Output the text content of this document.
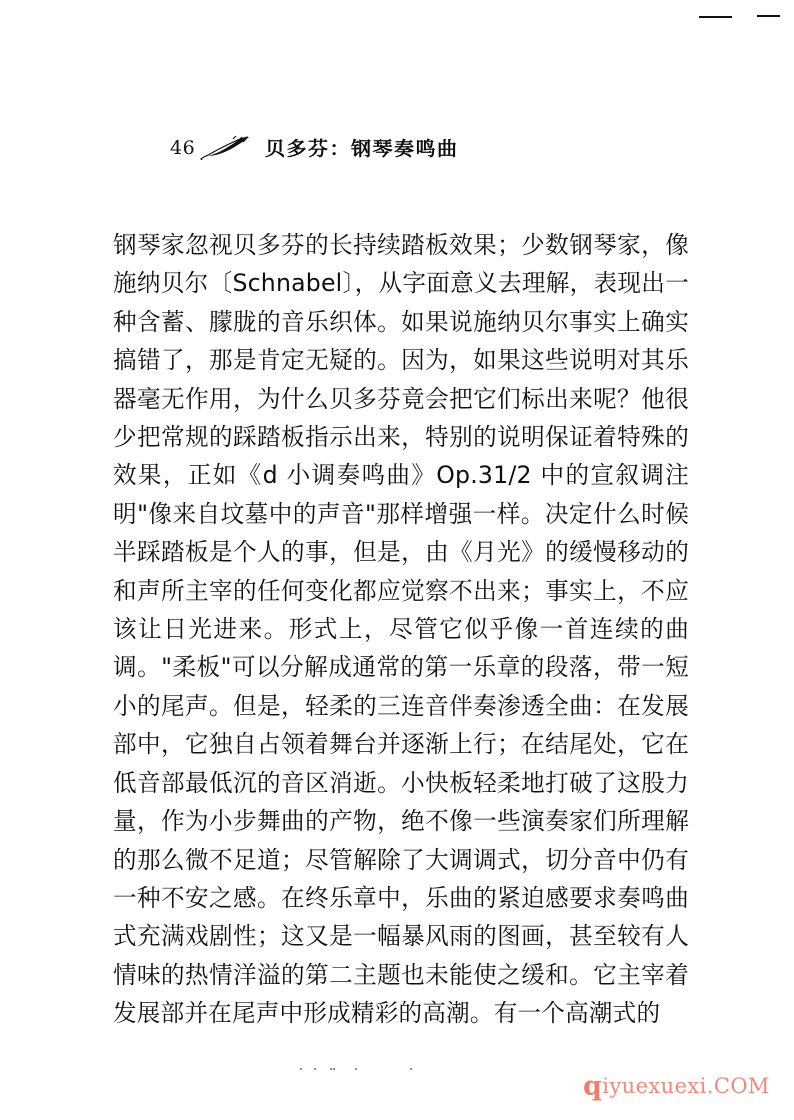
46	贝多芬：钢琴奏鸣曲

钢琴家忽视贝多芬的长持续踏板效果；少数钢琴家，像施纳贝尔〔Schnabel〕，从字面意义去理解，表现出一种含蓄、朦胧的音乐织体。如果说施纳贝尔事实上确实搞错了，那是肯定无疑的。因为，如果这些说明对其乐器毫无作用，为什么贝多芬竟会把它们标出来呢？他很少把常规的踩踏板指示出来，特别的说明保证着特殊的效果，正如《d 小调奏鸣曲》Op.31/2 中的宣叙调注明"像来自坟墓中的声音"那样增强一样。决定什么时候半踩踏板是个人的事，但是，由《月光》的缓慢移动的和声所主宰的任何变化都应觉察不出来；事实上，不应该让日光进来。形式上，尽管它似乎像一首连续的曲调。"柔板"可以分解成通常的第一乐章的段落，带一短小的尾声。但是，轻柔的三连音伴奏渗透全曲：在发展部中，它独自占领着舞台并逐渐上行；在结尾处，它在低音部最低沉的音区消逝。小快板轻柔地打破了这股力量，作为小步舞曲的产物，绝不像一些演奏家们所理解的那么微不足道；尽管解除了大调调式，切分音中仍有一种不安之感。在终乐章中，乐曲的紧迫感要求奏鸣曲式充满戏剧性；这又是一幅暴风雨的图画，甚至较有人情味的热情洋溢的第二主题也未能使之缓和。它主宰着发展部并在尾声中形成精彩的高潮。有一个高潮式的

qiyuexuexi.COM
